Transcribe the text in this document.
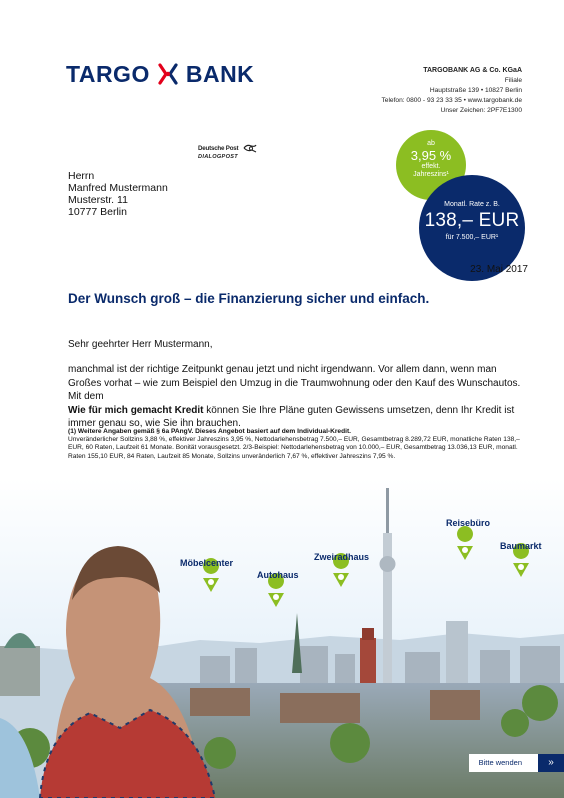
TARGO BANK	TARGOBANK AG & Co. KGaA
Filiale
Hauptstraße 139 • 10827 Berlin
Telefon: 0800 - 93 23 33 35 • www.targobank.de
Unser Zeichen: 2PF7E1300
Deutsche Post
DIALOGPOST
Herrn
Manfred Mustermann
Musterstr. 11
10777 Berlin
ab
3,95 %
effekt.
Jahreszins¹
Monatl. Rate z. B.
138,– EUR
für 7.500,– EUR¹
23. Mai 2017
Der Wunsch groß – die Finanzierung sicher und einfach.
Sehr geehrter Herr Mustermann,
manchmal ist der richtige Zeitpunkt genau jetzt und nicht irgendwann. Vor allem dann, wenn man Großes vorhat – wie zum Beispiel den Umzug in die Traumwohnung oder den Kauf des Wunschautos. Mit dem
Wie für mich gemacht Kredit können Sie Ihre Pläne guten Gewissens umsetzen, denn Ihr Kredit ist immer genau so, wie Sie ihn brauchen.
(1) Weitere Angaben gemäß § 6a PAngV. Dieses Angebot basiert auf dem Individual-Kredit.
Unveränderlicher Sollzins 3,88 %, effektiver Jahreszins 3,95 %, Nettodarlehensbetrag 7.500,– EUR, Gesamtbetrag 8.289,72 EUR, monatliche Raten 138,– EUR, 60 Raten, Laufzeit 61 Monate. Bonität vorausgesetzt. 2/3-Beispiel: Nettodarlehensbetrag von 10.000,– EUR, Gesamtbetrag 13.036,13 EUR, monatl. Raten 155,10 EUR, 84 Raten, Laufzeit 85 Monate, Sollzins unveränderlich 7,67 %, effektiver Jahreszins 7,95 %.
Möbelcenter
Autohaus
Zweiradhaus
Reisebüro
Baumarkt
Bitte wenden	»
